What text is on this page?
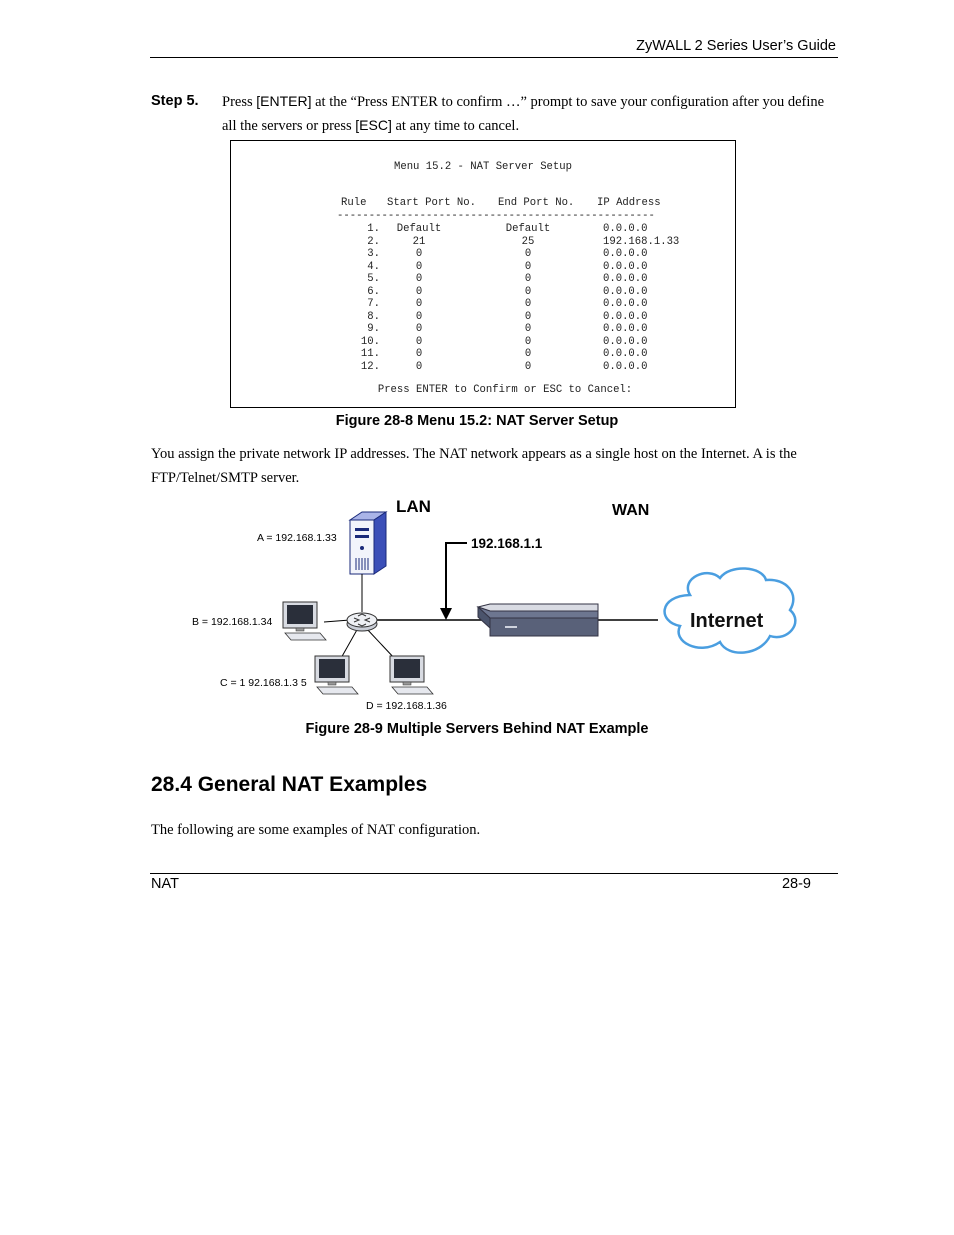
ZyWALL 2 Series User’s Guide
Step 5. Press [ENTER] at the “Press ENTER to confirm …” prompt to save your configuration after you define all the servers or press [ESC] at any time to cancel.
Menu 15.2 - NAT Server Setup
Rule Start Port No. End Port No. IP Address
--------------------------------------------------
1.	Default	Default	0.0.0.0
2.	21	25	192.168.1.33
3.	0	0	0.0.0.0
4.	0	0	0.0.0.0
5.	0	0	0.0.0.0
6.	0	0	0.0.0.0
7.	0	0	0.0.0.0
8.	0	0	0.0.0.0
9.	0	0	0.0.0.0
10.	0	0	0.0.0.0
11.	0	0	0.0.0.0
12.	0	0	0.0.0.0
Press ENTER to Confirm or ESC to Cancel:
Figure 28-8 Menu 15.2: NAT Server Setup
You assign the private network IP addresses. The NAT network appears as a single host on the Internet. A is the FTP/Telnet/SMTP server.
LAN	WAN
A = 192.168.1.33
B = 192.168.1.34
C = 1 92.168.1.3 5
D = 192.168.1.36
192.168.1.1
Internet
Figure 28-9 Multiple Servers Behind NAT Example
28.4 General NAT Examples
The following are some examples of NAT configuration.
NAT	28-9
